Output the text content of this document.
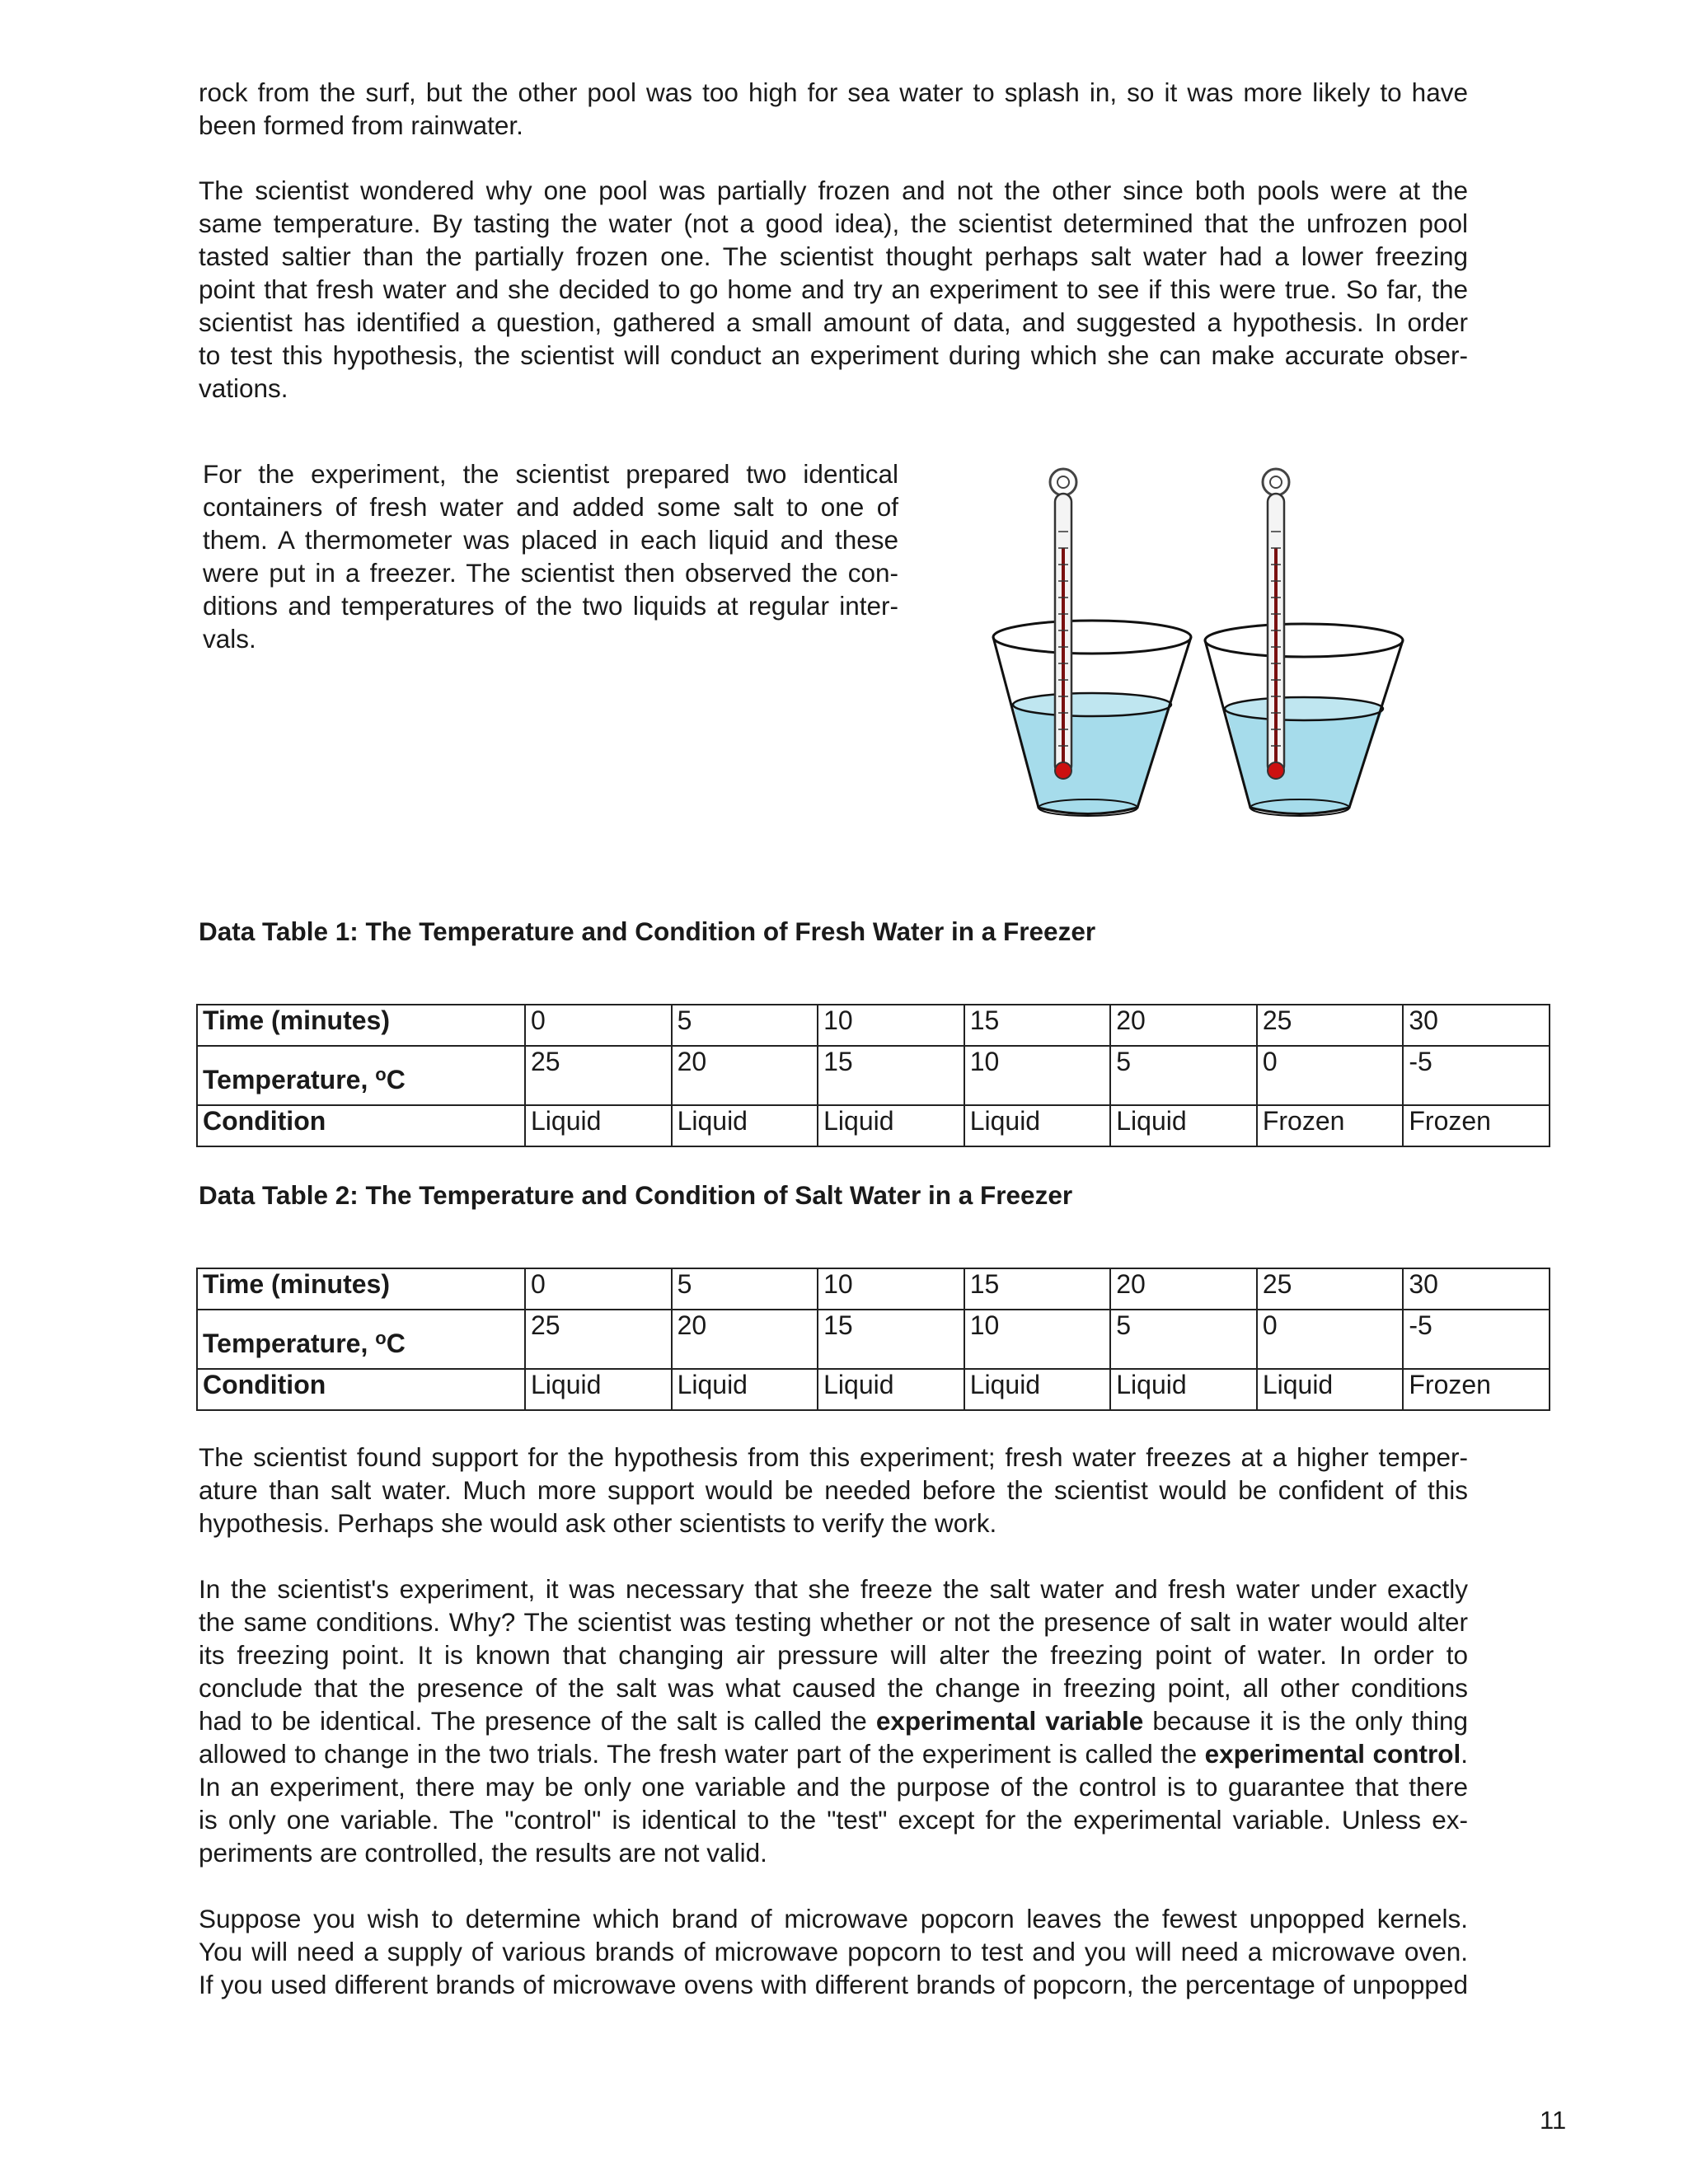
rock from the surf, but the other pool was too high for sea water to splash in, so it was more likely to have
been formed from rainwater.

The scientist wondered why one pool was partially frozen and not the other since both pools were at the
same temperature. By tasting the water (not a good idea), the scientist determined that the unfrozen pool
tasted saltier than the partially frozen one. The scientist thought perhaps salt water had a lower freezing
point that fresh water and she decided to go home and try an experiment to see if this were true. So far, the
scientist has identified a question, gathered a small amount of data, and suggested a hypothesis. In order
to test this hypothesis, the scientist will conduct an experiment during which she can make accurate obser-
vations.

For the experiment, the scientist prepared two identical
containers of fresh water and added some salt to one of
them. A thermometer was placed in each liquid and these
were put in a freezer. The scientist then observed the con-
ditions and temperatures of the two liquids at regular inter-
vals.

Data Table 1: The Temperature and Condition of Fresh Water in a Freezer

Time (minutes)	0	5	10	15	20	25	30
Temperature, $^o$C	25	20	15	10	5	0	-5
Condition	Liquid	Liquid	Liquid	Liquid	Liquid	Frozen	Frozen

Data Table 2: The Temperature and Condition of Salt Water in a Freezer

Time (minutes)	0	5	10	15	20	25	30
Temperature, $^o$C	25	20	15	10	5	0	-5
Condition	Liquid	Liquid	Liquid	Liquid	Liquid	Liquid	Frozen

The scientist found support for the hypothesis from this experiment; fresh water freezes at a higher temper-
ature than salt water. Much more support would be needed before the scientist would be confident of this
hypothesis. Perhaps she would ask other scientists to verify the work.

In the scientist's experiment, it was necessary that she freeze the salt water and fresh water under exactly
the same conditions. Why? The scientist was testing whether or not the presence of salt in water would alter
its freezing point. It is known that changing air pressure will alter the freezing point of water. In order to
conclude that the presence of the salt was what caused the change in freezing point, all other conditions
had to be identical. The presence of the salt is called the experimental variable because it is the only thing
allowed to change in the two trials. The fresh water part of the experiment is called the experimental control.
In an experiment, there may be only one variable and the purpose of the control is to guarantee that there
is only one variable. The "control" is identical to the "test" except for the experimental variable. Unless ex-
periments are controlled, the results are not valid.

Suppose you wish to determine which brand of microwave popcorn leaves the fewest unpopped kernels.
You will need a supply of various brands of microwave popcorn to test and you will need a microwave oven.
If you used different brands of microwave ovens with different brands of popcorn, the percentage of unpopped

11
